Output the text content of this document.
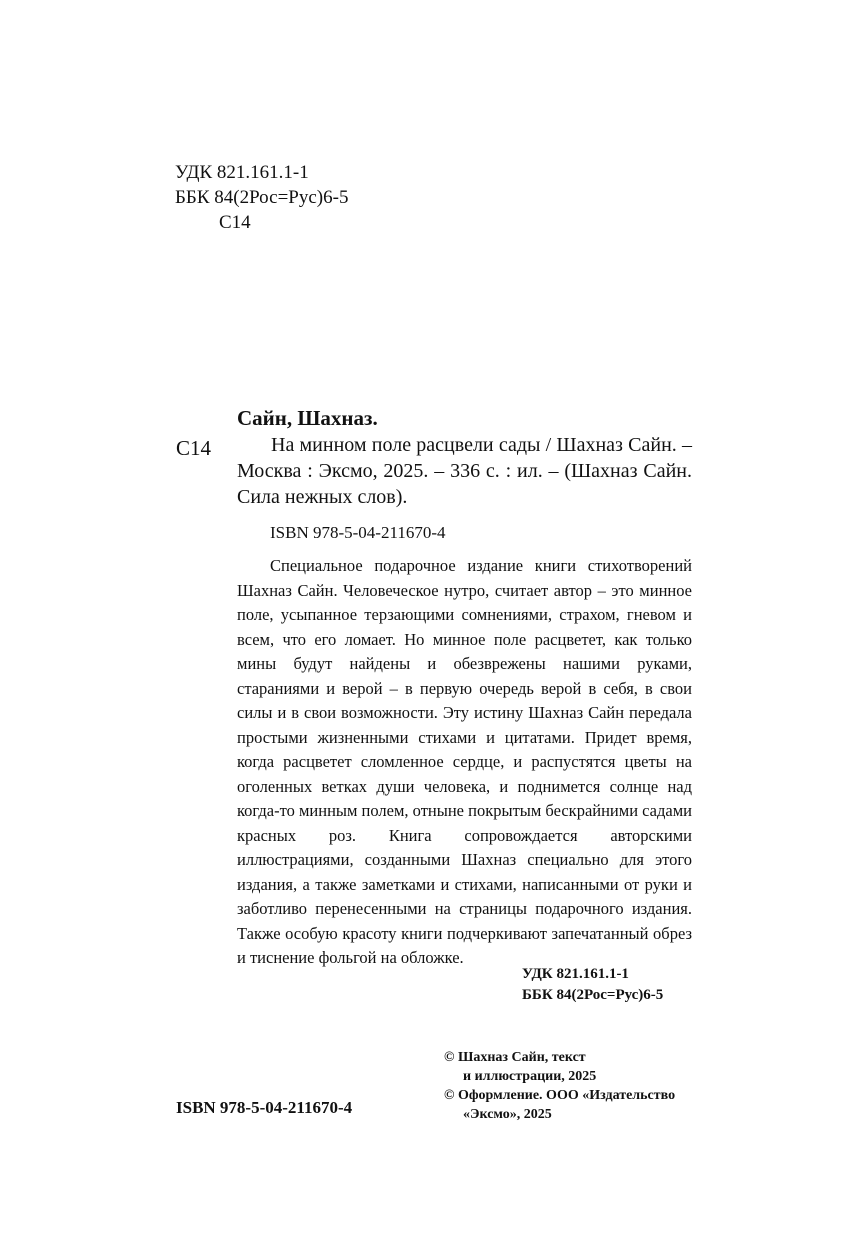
УДК 821.161.1-1
ББК 84(2Рос=Рус)6-5
С14
С14
Сайн, Шахназ.

На минном поле расцвели сады / Шахназ Сайн. – Москва : Эксмо, 2025. – 336 с. : ил. – (Шахназ Сайн. Сила нежных слов).

ISBN 978-5-04-211670-4

Специальное подарочное издание книги стихотворений Шахназ Сайн. Человеческое нутро, считает автор – это минное поле, усыпанное терзающими сомнениями, страхом, гневом и всем, что его ломает. Но минное поле расцветет, как только мины будут найдены и обезврежены нашими руками, стараниями и верой – в первую очередь верой в себя, в свои силы и в свои возможности. Эту истину Шахназ Сайн передала простыми жизненными стихами и цитатами. Придет время, когда расцветет сломленное сердце, и распустятся цветы на оголенных ветках души человека, и поднимется солнце над когда-то минным полем, отныне покрытым бескрайними садами красных роз. Книга сопровождается авторскими иллюстрациями, созданными Шахназ специально для этого издания, а также заметками и стихами, написанными от руки и заботливо перенесенными на страницы подарочного издания. Также особую красоту книги подчеркивают запечатанный обрез и тиснение фольгой на обложке.

УДК 821.161.1-1
ББК 84(2Рос=Рус)6-5
© Шахназ Сайн, текст
и иллюстрации, 2025
© Оформление. ООО «Издательство
«Эксмо», 2025
ISBN 978-5-04-211670-4
